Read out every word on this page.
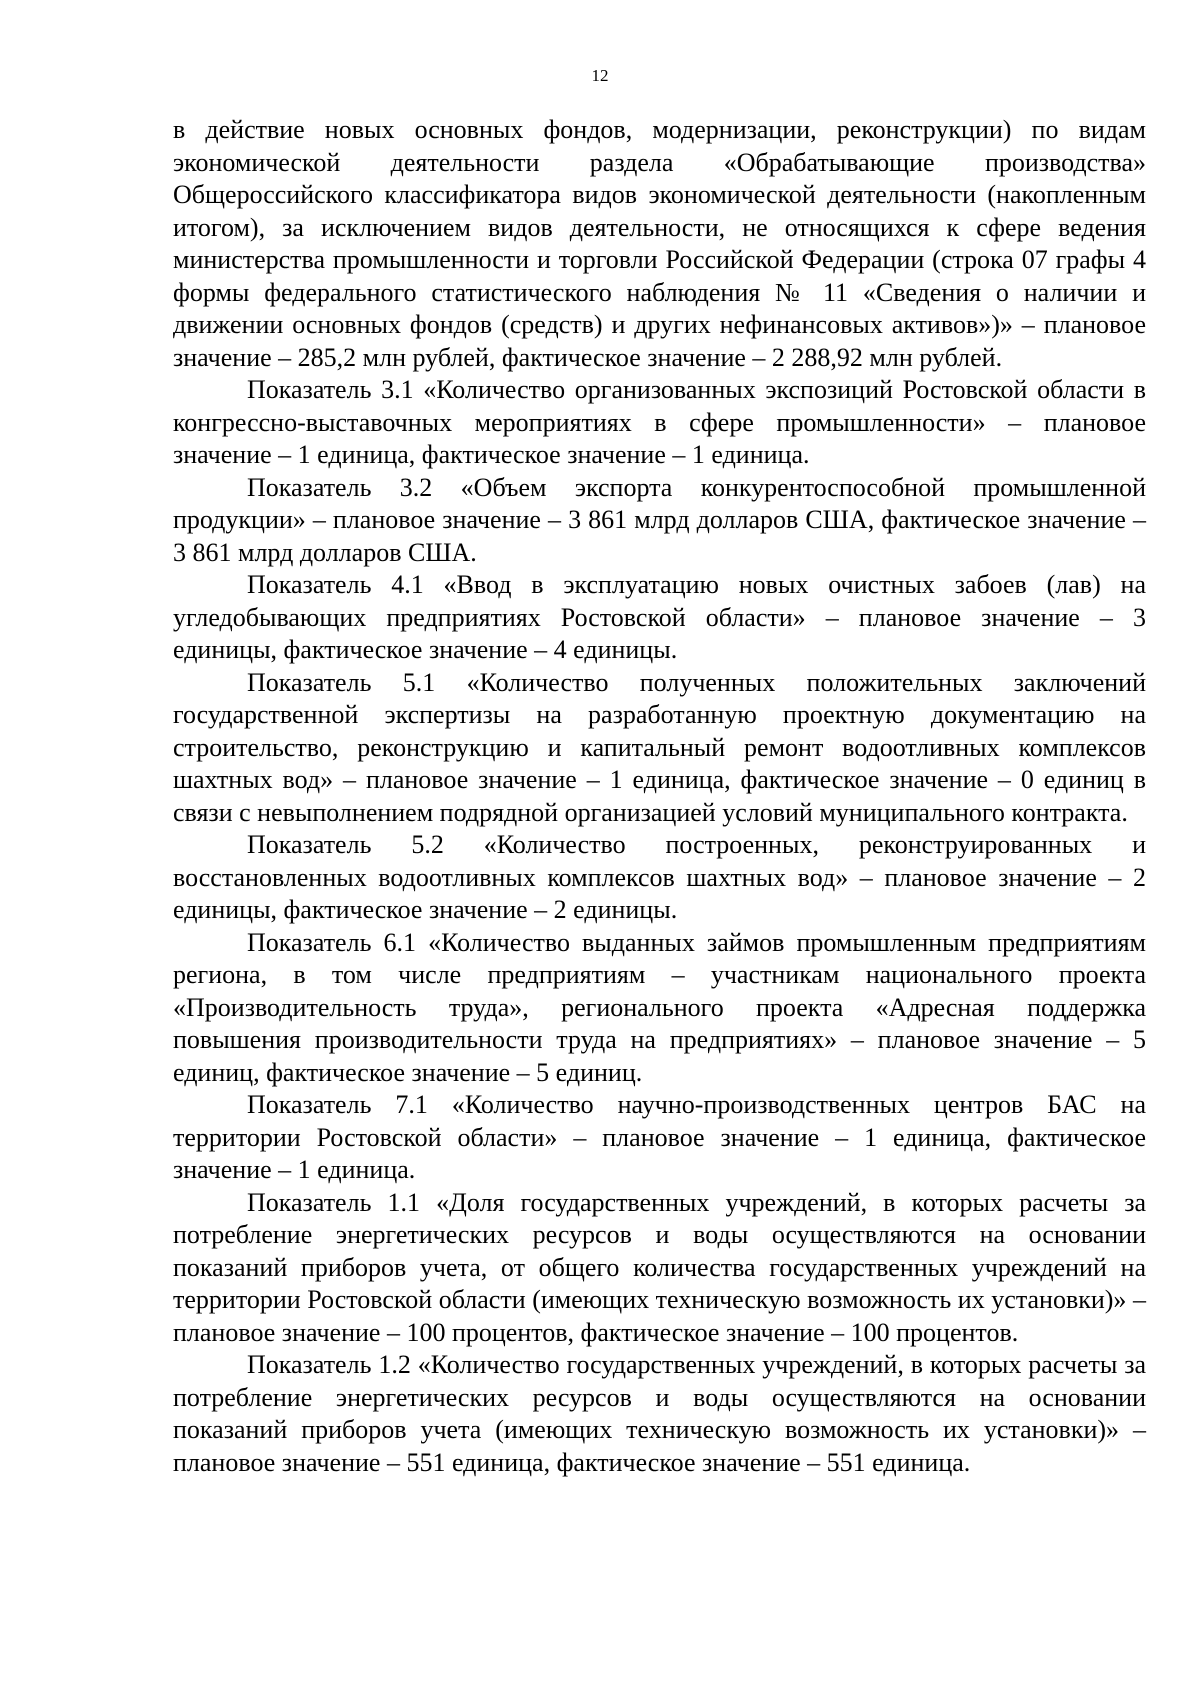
12

в действие новых основных фондов, модернизации, реконструкции) по видам экономической деятельности раздела «Обрабатывающие производства» Общероссийского классификатора видов экономической деятельности (накопленным итогом), за исключением видов деятельности, не относящихся к сфере ведения министерства промышленности и торговли Российской Федерации (строка 07 графы 4 формы федерального статистического наблюдения № 11 «Сведения о наличии и движении основных фондов (средств) и других нефинансовых активов»)» – плановое значение – 285,2 млн рублей, фактическое значение – 2 288,92 млн рублей.

Показатель 3.1 «Количество организованных экспозиций Ростовской области в конгрессно-выставочных мероприятиях в сфере промышленности» – плановое значение – 1 единица, фактическое значение – 1 единица.

Показатель 3.2 «Объем экспорта конкурентоспособной промышленной продукции» – плановое значение – 3 861 млрд долларов США, фактическое значение – 3 861 млрд долларов США.

Показатель 4.1 «Ввод в эксплуатацию новых очистных забоев (лав) на угледобывающих предприятиях Ростовской области» – плановое значение – 3 единицы, фактическое значение – 4 единицы.

Показатель 5.1 «Количество полученных положительных заключений государственной экспертизы на разработанную проектную документацию на строительство, реконструкцию и капитальный ремонт водоотливных комплексов шахтных вод» – плановое значение – 1 единица, фактическое значение – 0 единиц в связи с невыполнением подрядной организацией условий муниципального контракта.

Показатель 5.2 «Количество построенных, реконструированных и восстановленных водоотливных комплексов шахтных вод» – плановое значение – 2 единицы, фактическое значение – 2 единицы.

Показатель 6.1 «Количество выданных займов промышленным предприятиям региона, в том числе предприятиям – участникам национального проекта «Производительность труда», регионального проекта «Адресная поддержка повышения производительности труда на предприятиях» – плановое значение – 5 единиц, фактическое значение – 5 единиц.

Показатель 7.1 «Количество научно-производственных центров БАС на территории Ростовской области» – плановое значение – 1 единица, фактическое значение – 1 единица.

Показатель 1.1 «Доля государственных учреждений, в которых расчеты за потребление энергетических ресурсов и воды осуществляются на основании показаний приборов учета, от общего количества государственных учреждений на территории Ростовской области (имеющих техническую возможность их установки)» – плановое значение – 100 процентов, фактическое значение – 100 процентов.

Показатель 1.2 «Количество государственных учреждений, в которых расчеты за потребление энергетических ресурсов и воды осуществляются на основании показаний приборов учета (имеющих техническую возможность их установки)» – плановое значение – 551 единица, фактическое значение – 551 единица.
